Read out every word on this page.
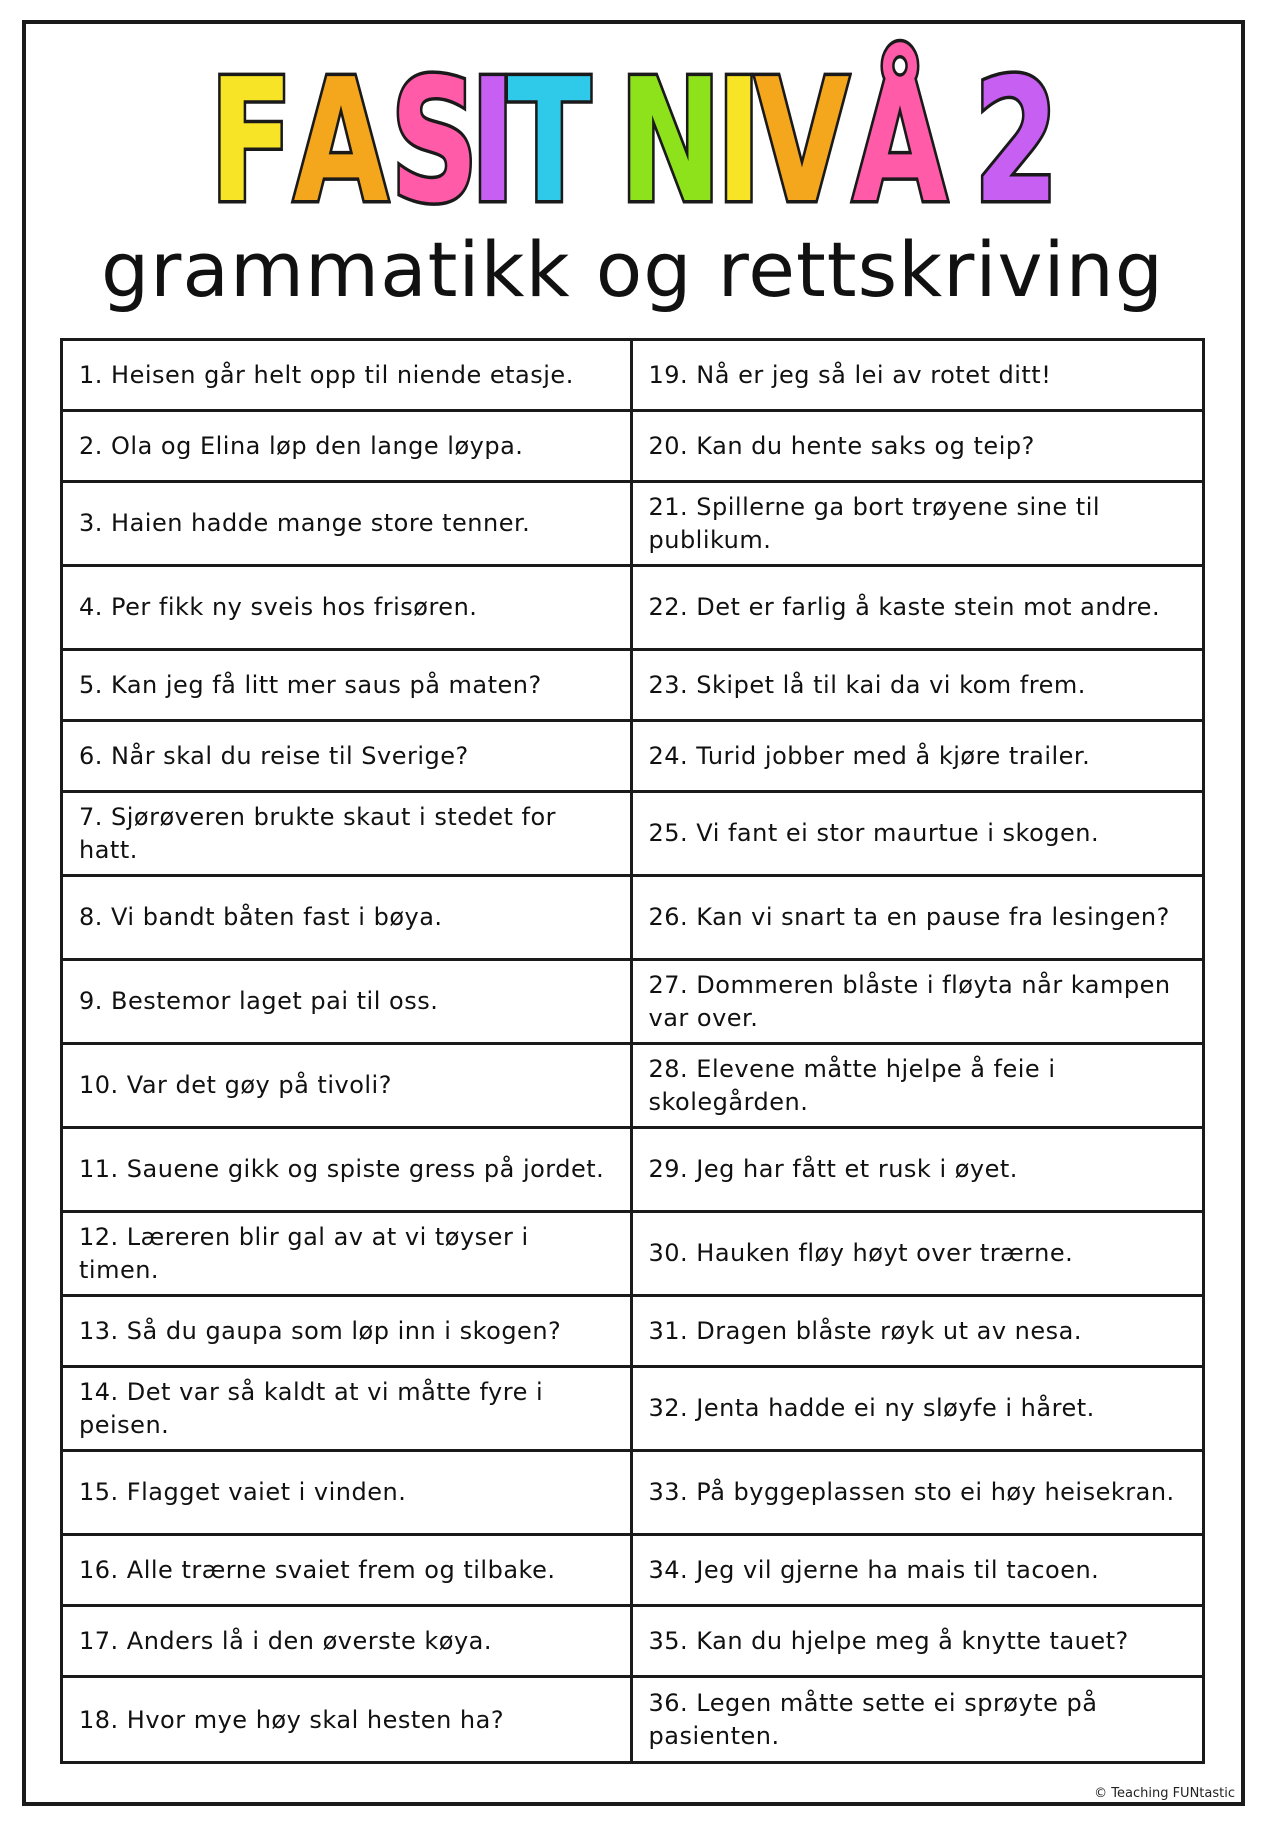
FASIT NIVÅ 2
grammatikk og rettskriving
1. Heisen går helt opp til niende etasje.
2. Ola og Elina løp den lange løypa.
3. Haien hadde mange store tenner.
4. Per fikk ny sveis hos frisøren.
5. Kan jeg få litt mer saus på maten?
6. Når skal du reise til Sverige?
7. Sjørøveren brukte skaut i stedet for hatt.
8. Vi bandt båten fast i bøya.
9. Bestemor laget pai til oss.
10. Var det gøy på tivoli?
11. Sauene gikk og spiste gress på jordet.
12. Læreren blir gal av at vi tøyser i timen.
13. Så du gaupa som løp inn i skogen?
14. Det var så kaldt at vi måtte fyre i peisen.
15. Flagget vaiet i vinden.
16. Alle trærne svaiet frem og tilbake.
17. Anders lå i den øverste køya.
18. Hvor mye høy skal hesten ha?
19. Nå er jeg så lei av rotet ditt!
20. Kan du hente saks og teip?
21. Spillerne ga bort trøyene sine til publikum.
22. Det er farlig å kaste stein mot andre.
23. Skipet lå til kai da vi kom frem.
24. Turid jobber med å kjøre trailer.
25. Vi fant ei stor maurtue i skogen.
26. Kan vi snart ta en pause fra lesingen?
27. Dommeren blåste i fløyta når kampen var over.
28. Elevene måtte hjelpe å feie i skolegården.
29. Jeg har fått et rusk i øyet.
30. Hauken fløy høyt over trærne.
31. Dragen blåste røyk ut av nesa.
32. Jenta hadde ei ny sløyfe i håret.
33. På byggeplassen sto ei høy heisekran.
34. Jeg vil gjerne ha mais til tacoen.
35. Kan du hjelpe meg å knytte tauet?
36. Legen måtte sette ei sprøyte på pasienten.
© Teaching FUNtastic
